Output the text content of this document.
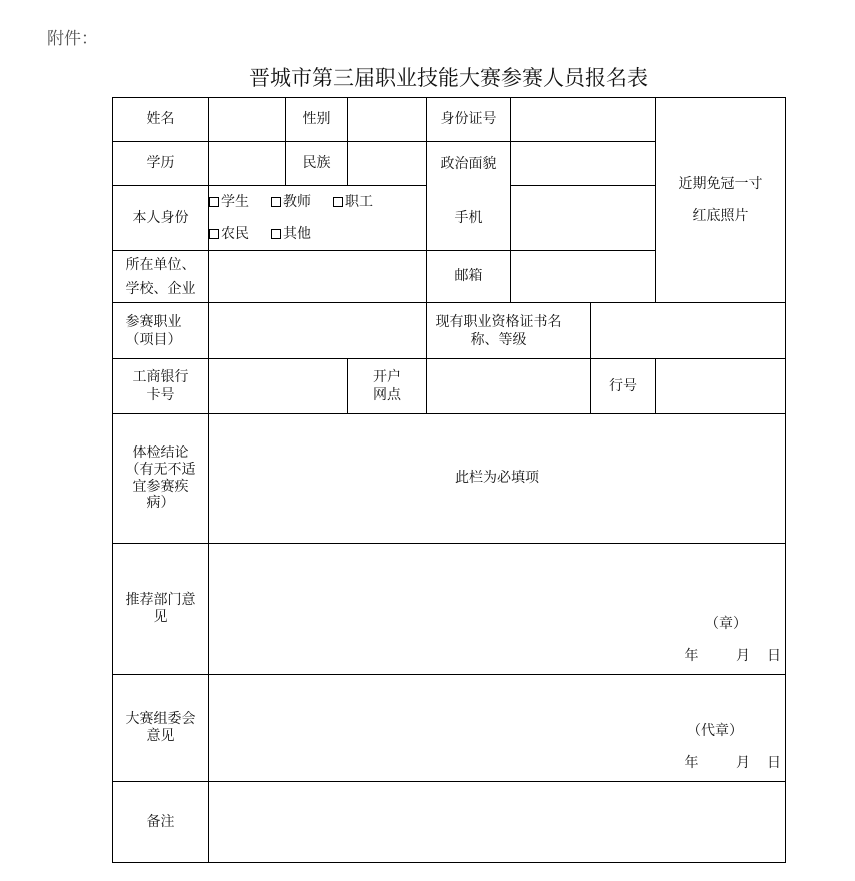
附件：
晋城市第三届职业技能大赛参赛人员报名表
姓名		性别		身份证号			近期免冠一寸红底照片

学历		民族		政治面貌
手机			

本人身份	学生 教师 职工
农民 其他						

所在单位、学校、企业				邮箱			
参赛职业（项目）				现有职业资格证书名称、等级			
工商银行卡号			开户网点			行号	
体检结论（有无不适宜参赛疾病）	此栏为必填项						
推荐部门意见	（章）
年 月 日						

大赛组委会意见	（代章）
年 月 日						

备注							
